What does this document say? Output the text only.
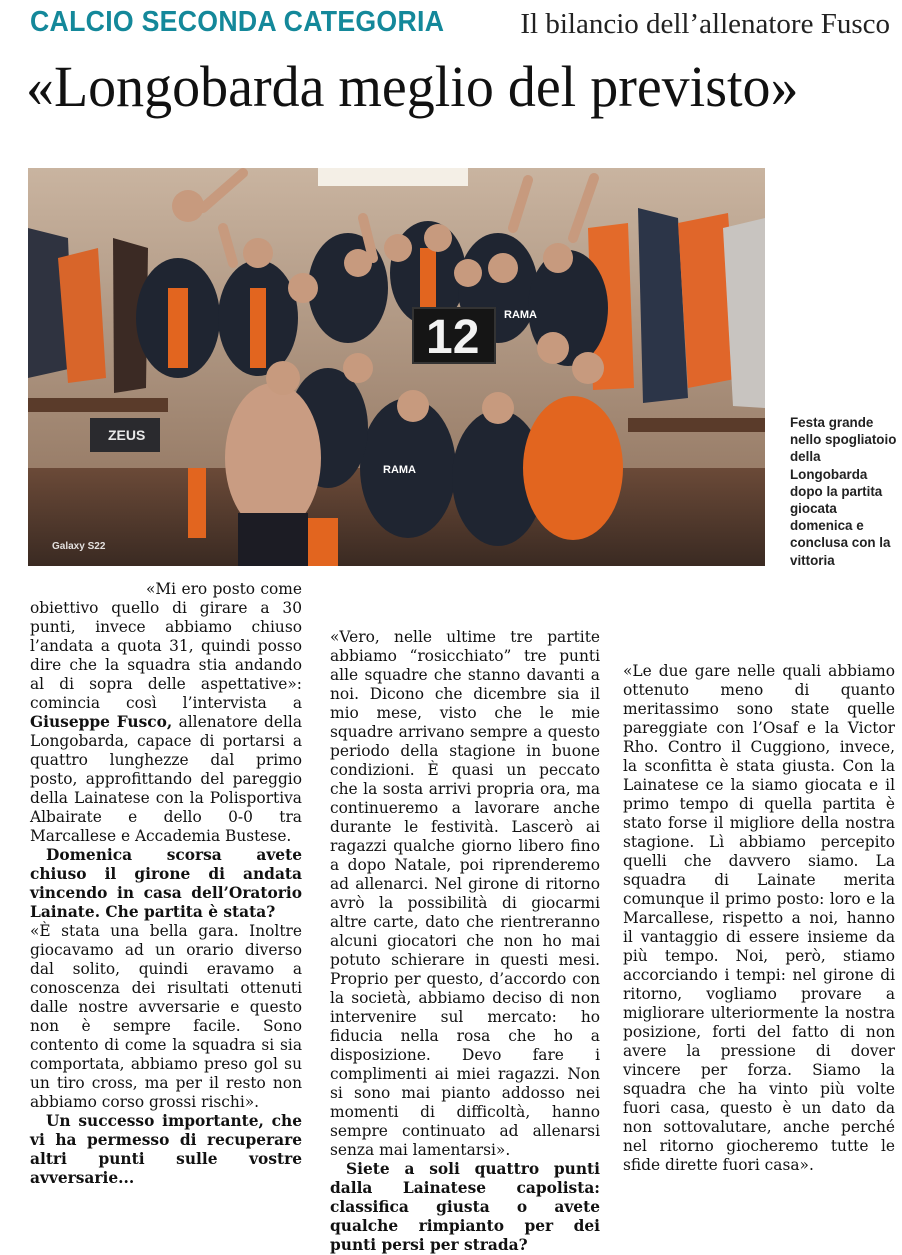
CALCIO SECONDA CATEGORIA	Il bilancio dell’allenatore Fusco
«Longobarda meglio del previsto»
ZEUS
12
RAMA
RAMA
Galaxy S22
Festa grande nello spogliatoio della Longobarda dopo la partita giocata domenica e conclusa con la vittoria

«Mi ero posto come obiettivo quello di girare a 30 punti, invece abbiamo chiuso l’andata a quota 31, quindi posso dire che la squadra stia andando al di sopra delle aspettative»: comincia così l’intervista a Giuseppe Fusco, allenatore della Longobarda, capace di portarsi a quattro lunghezze dal primo posto, approfittando del pareggio della Lainatese con la Polisportiva Albairate e dello 0-0 tra Marcallese e Accademia Bustese.

Domenica scorsa avete chiuso il girone di andata vincendo in casa dell’Oratorio Lainate. Che partita è stata?

«È stata una bella gara. Inoltre giocavamo ad un orario diverso dal solito, quindi eravamo a conoscenza dei risultati ottenuti dalle nostre avversarie e questo non è sempre facile. Sono contento di come la squadra si sia comportata, abbiamo preso gol su un tiro cross, ma per il resto non abbiamo corso grossi rischi».

Un successo importante, che vi ha permesso di recuperare altri punti sulle vostre avversarie...

«Vero, nelle ultime tre partite abbiamo “rosicchiato” tre punti alle squadre che stanno davanti a noi. Dicono che dicembre sia il mio mese, visto che le mie squadre arrivano sempre a questo periodo della stagione in buone condizioni. È quasi un peccato che la sosta arrivi propria ora, ma continueremo a lavorare anche durante le festività. Lascerò ai ragazzi qualche giorno libero fino a dopo Natale, poi riprenderemo ad allenarci. Nel girone di ritorno avrò la possibilità di giocarmi altre carte, dato che rientreranno alcuni giocatori che non ho mai potuto schierare in questi mesi. Proprio per questo, d’accordo con la società, abbiamo deciso di non intervenire sul mercato: ho fiducia nella rosa che ho a disposizione. Devo fare i complimenti ai miei ragazzi. Non si sono mai pianto addosso nei momenti di difficoltà, hanno sempre continuato ad allenarsi senza mai lamentarsi».

Siete a soli quattro punti dalla Lainatese capolista: classifica giusta o avete qualche rimpianto per dei punti persi per strada?

«Le due gare nelle quali abbiamo ottenuto meno di quanto meritassimo sono state quelle pareggiate con l’Osaf e la Victor Rho. Contro il Cuggiono, invece, la sconfitta è stata giusta. Con la Lainatese ce la siamo giocata e il primo tempo di quella partita è stato forse il migliore della nostra stagione. Lì abbiamo percepito quelli che davvero siamo. La squadra di Lainate merita comunque il primo posto: loro e la Marcallese, rispetto a noi, hanno il vantaggio di essere insieme da più tempo. Noi, però, stiamo accorciando i tempi: nel girone di ritorno, vogliamo provare a migliorare ulteriormente la nostra posizione, forti del fatto di non avere la pressione di dover vincere per forza. Siamo la squadra che ha vinto più volte fuori casa, questo è un dato da non sottovalutare, anche perché nel ritorno giocheremo tutte le sfide dirette fuori casa».
